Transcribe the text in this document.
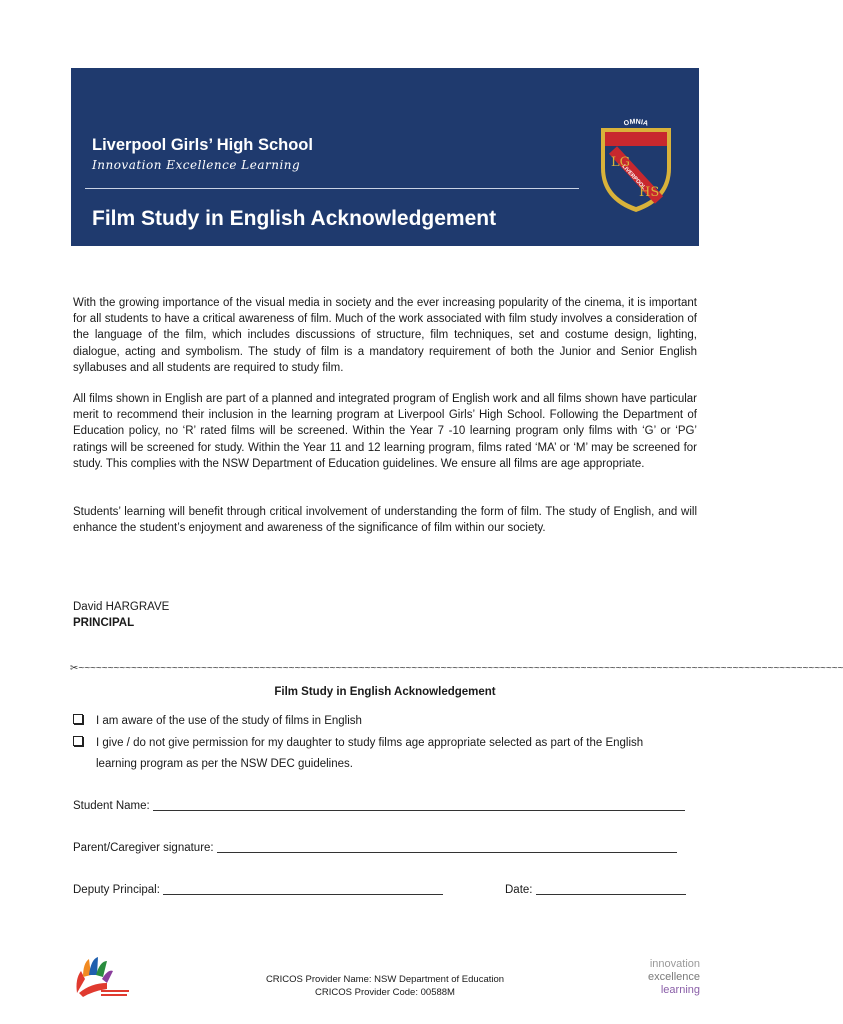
Liverpool Girls’ High School
Innovation Excellence Learning
Film Study in English Acknowledgement
OMNIA
LIVERPOOL
LG
HS

With the growing importance of the visual media in society and the ever increasing popularity of the cinema, it is important for all students to have a critical awareness of film. Much of the work associated with film study involves a consideration of the language of the film, which includes discussions of structure, film techniques, set and costume design, lighting, dialogue, acting and symbolism. The study of film is a mandatory requirement of both the Junior and Senior English syllabuses and all students are required to study film.

All films shown in English are part of a planned and integrated program of English work and all films shown have particular merit to recommend their inclusion in the learning program at Liverpool Girls’ High School. Following the Department of Education policy, no ‘R’ rated films will be screened. Within the Year 7 -10 learning program only films with ‘G’ or ‘PG’ ratings will be screened for study. Within the Year 11 and 12 learning program, films rated ‘MA’ or ‘M’ may be screened for study. This complies with the NSW Department of Education guidelines. We ensure all films are age appropriate.

Students’ learning will benefit through critical involvement of understanding the form of film. The study of English, and will enhance the student’s enjoyment and awareness of the significance of film within our society.

David HARGRAVE
PRINCIPAL
✂~~~~~~~~~~~~~~~~~~~~~~~~~~~~~~~~~~~~~~~~~~~~~~~~~~~~~~~~~~~~~~~~~~~~~~~~~~~~~~~~~~~~~~~~~~~~~~~~~~~~~~~~~~~~~~~~~~~~~~~~~~~~~~~~~~~
Film Study in English Acknowledgement
I am aware of the use of the study of films in English
I give / do not give permission for my daughter to study films age appropriate selected as part of the English learning program as per the NSW DEC guidelines.
Student Name:
Parent/Caregiver signature:
Deputy Principal:	Date:
CRICOS Provider Name: NSW Department of Education
CRICOS Provider Code: 00588M
innovation
excellence
learning
